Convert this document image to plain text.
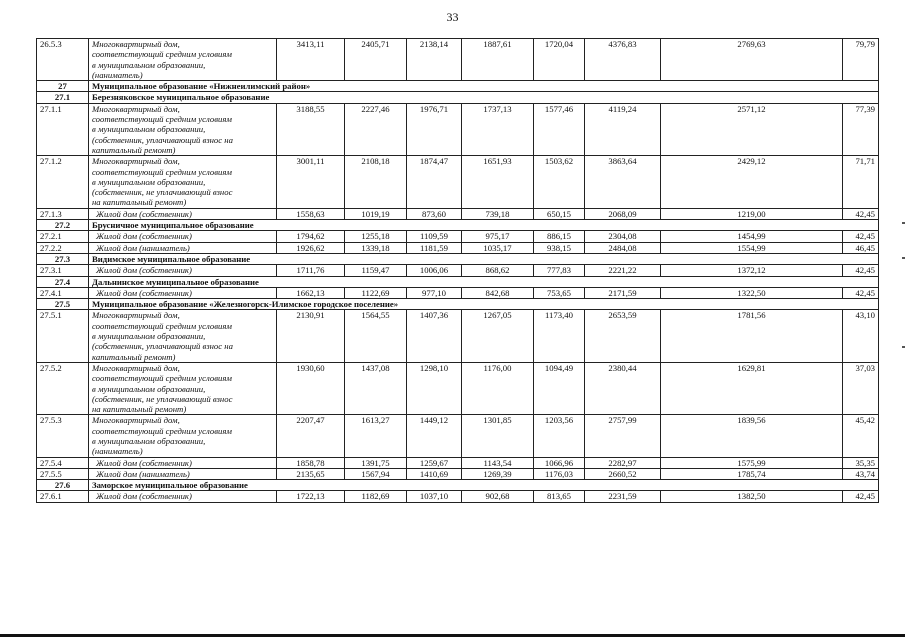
33
26.5.3	Многоквартирный дом,
соответствующий средним условиям
в муниципальном образовании,
(наниматель)	3413,11	2405,71	2138,14	1887,61	1720,04	4376,83	2769,63	79,79
27	Муниципальное образование «Нижнеилимский район»								
27.1	Березняковское муниципальное образование								
27.1.1	Многоквартирный дом,
соответствующий средним условиям
в муниципальном образовании,
(собственник, уплачивающий взнос на
капитальный ремонт)	3188,55	2227,46	1976,71	1737,13	1577,46	4119,24	2571,12	77,39
27.1.2	Многоквартирный дом,
соответствующий средним условиям
в муниципальном образовании,
(собственник, не уплачивающий взнос
на капитальный ремонт)	3001,11	2108,18	1874,47	1651,93	1503,62	3863,64	2429,12	71,71
27.1.3	Жилой дом (собственник)	1558,63	1019,19	873,60	739,18	650,15	2068,09	1219,00	42,45
27.2	Брусничное муниципальное образование								
27.2.1	Жилой дом (собственник)	1794,62	1255,18	1109,59	975,17	886,15	2304,08	1454,99	42,45
27.2.2	Жилой дом (наниматель)	1926,62	1339,18	1181,59	1035,17	938,15	2484,08	1554,99	46,45
27.3	Видимское муниципальное образование								
27.3.1	Жилой дом (собственник)	1711,76	1159,47	1006,06	868,62	777,83	2221,22	1372,12	42,45
27.4	Дальнинское муниципальное образование								
27.4.1	Жилой дом (собственник)	1662,13	1122,69	977,10	842,68	753,65	2171,59	1322,50	42,45
27.5	Муниципальное образование «Железногорск-Илимское городское поселение»								
27.5.1	Многоквартирный дом,
соответствующий средним условиям
в муниципальном образовании,
(собственник, уплачивающий взнос на
капитальный ремонт)	2130,91	1564,55	1407,36	1267,05	1173,40	2653,59	1781,56	43,10
27.5.2	Многоквартирный дом,
соответствующий средним условиям
в муниципальном образовании,
(собственник, не уплачивающий взнос
на капитальный ремонт)	1930,60	1437,08	1298,10	1176,00	1094,49	2380,44	1629,81	37,03
27.5.3	Многоквартирный дом,
соответствующий средним условиям
в муниципальном образовании,
(наниматель)	2207,47	1613,27	1449,12	1301,85	1203,56	2757,99	1839,56	45,42
27.5.4	Жилой дом (собственник)	1858,78	1391,75	1259,67	1143,54	1066,96	2282,97	1575,99	35,35
27.5.5	Жилой дом (наниматель)	2135,65	1567,94	1410,69	1269,39	1176,03	2660,52	1785,74	43,74
27.6	Заморское муниципальное образование								
27.6.1	Жилой дом (собственник)	1722,13	1182,69	1037,10	902,68	813,65	2231,59	1382,50	42,45
